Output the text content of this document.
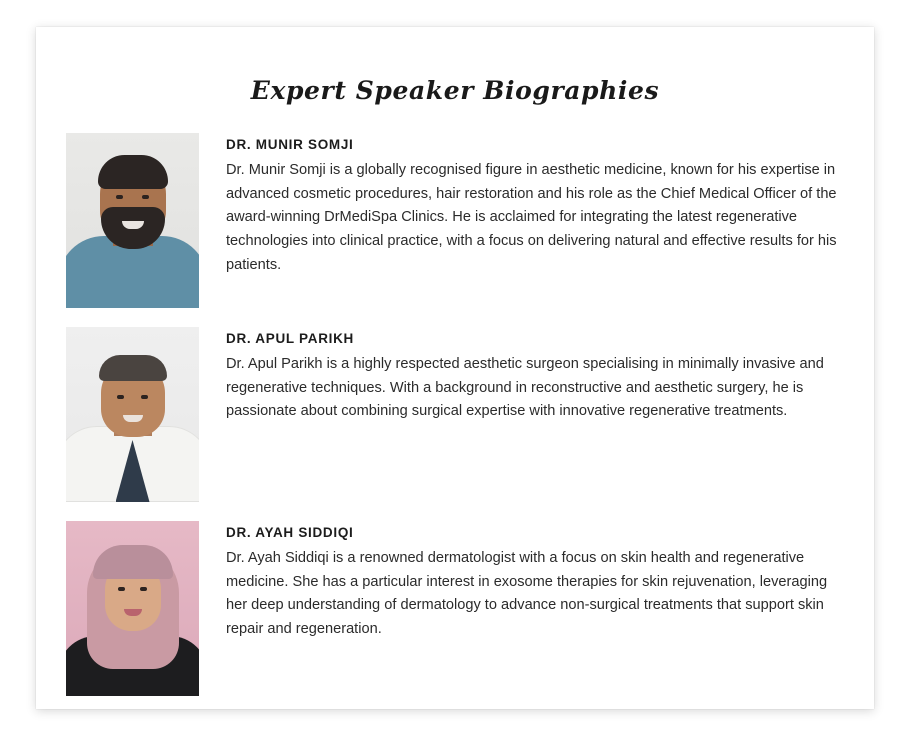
Expert Speaker Biographies
DR. MUNIR SOMJI
Dr. Munir Somji is a globally recognised figure in aesthetic medicine, known for his expertise in advanced cosmetic procedures, hair restoration and his role as the Chief Medical Officer of the award-winning DrMediSpa Clinics. He is acclaimed for integrating the latest regenerative technologies into clinical practice, with a focus on delivering natural and effective results for his patients.
DR. APUL PARIKH
Dr. Apul Parikh is a highly respected aesthetic surgeon specialising in minimally invasive and regenerative techniques. With a background in reconstructive and aesthetic surgery, he is passionate about combining surgical expertise with innovative regenerative treatments.
DR. AYAH SIDDIQI
Dr. Ayah Siddiqi is a renowned dermatologist with a focus on skin health and regenerative medicine. She has a particular interest in exosome therapies for skin rejuvenation, leveraging her deep understanding of dermatology to advance non-surgical treatments that support skin repair and regeneration.
